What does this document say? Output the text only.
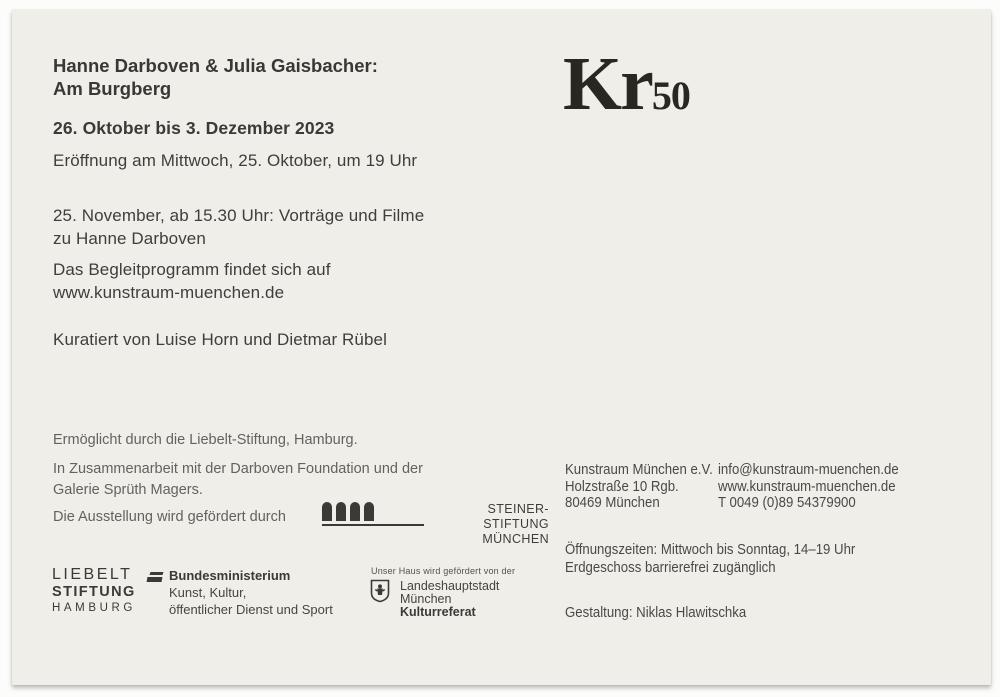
Hanne Darboven & Julia Gaisbacher:
Am Burgberg	Kr50
26. Oktober bis 3. Dezember 2023
Eröffnung am Mittwoch, 25. Oktober, um 19 Uhr
25. November, ab 15.30 Uhr: Vorträge und Filme
zu Hanne Darboven
Das Begleitprogramm findet sich auf
www.kunstraum-muenchen.de
Kuratiert von Luise Horn und Dietmar Rübel
Ermöglicht durch die Liebelt-Stiftung, Hamburg.
In Zusammenarbeit mit der Darboven Foundation und der
Galerie Sprüth Magers.
Die Ausstellung wird gefördert durch	STEINER-STIFTUNG
MÜNCHEN
LIEBELT
STIFTUNG
HAMBURG
Bundesministerium
Kunst, Kultur,
öffentlicher Dienst und Sport
Unser Haus wird gefördert von der
Landeshauptstadt
München
Kulturreferat
Kunstraum München e.V.
Holzstraße 10 Rgb.
80469 München
info@kunstraum-muenchen.de
www.kunstraum-muenchen.de
T 0049 (0)89 54379900
Öffnungszeiten: Mittwoch bis Sonntag, 14–19 Uhr
Erdgeschoss barrierefrei zugänglich
Gestaltung: Niklas Hlawitschka
